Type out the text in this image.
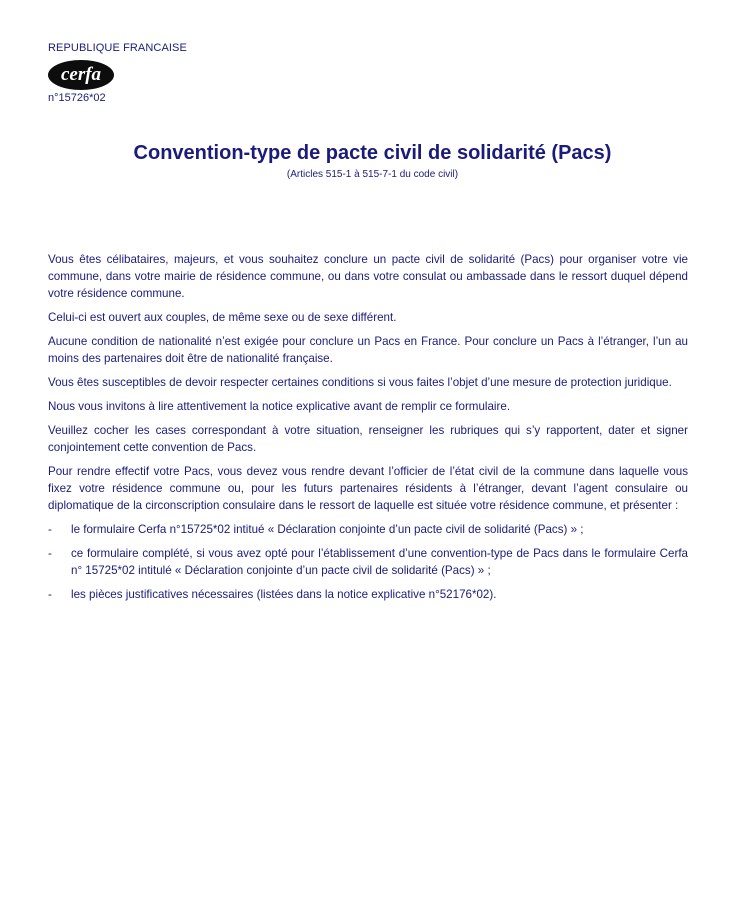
REPUBLIQUE FRANCAISE
cerfa
n°15726*02
Convention-type de pacte civil de solidarité (Pacs)
(Articles 515-1 à 515-7-1 du code civil)

Vous êtes célibataires, majeurs, et vous souhaitez conclure un pacte civil de solidarité (Pacs) pour organiser votre vie commune, dans votre mairie de résidence commune, ou dans votre consulat ou ambassade dans le ressort duquel dépend votre résidence commune.

Celui-ci est ouvert aux couples, de même sexe ou de sexe différent.

Aucune condition de nationalité n’est exigée pour conclure un Pacs en France. Pour conclure un Pacs à l’étranger, l’un au moins des partenaires doit être de nationalité française.

Vous êtes susceptibles de devoir respecter certaines conditions si vous faites l’objet d’une mesure de protection juridique.

Nous vous invitons à lire attentivement la notice explicative avant de remplir ce formulaire.

Veuillez cocher les cases correspondant à votre situation, renseigner les rubriques qui s’y rapportent, dater et signer conjointement cette convention de Pacs.

Pour rendre effectif votre Pacs, vous devez vous rendre devant l’officier de l’état civil de la commune dans laquelle vous fixez votre résidence commune ou, pour les futurs partenaires résidents à l’étranger, devant l’agent consulaire ou diplomatique de la circonscription consulaire dans le ressort de laquelle est située votre résidence commune, et présenter :

- le formulaire Cerfa n°15725*02 intitué « Déclaration conjointe d’un pacte civil de solidarité (Pacs) » ;
- ce formulaire complété, si vous avez opté pour l’établissement d’une convention-type de Pacs dans le formulaire Cerfa n° 15725*02 intitulé « Déclaration conjointe d’un pacte civil de solidarité (Pacs) » ;
- les pièces justificatives nécessaires (listées dans la notice explicative n°52176*02).
